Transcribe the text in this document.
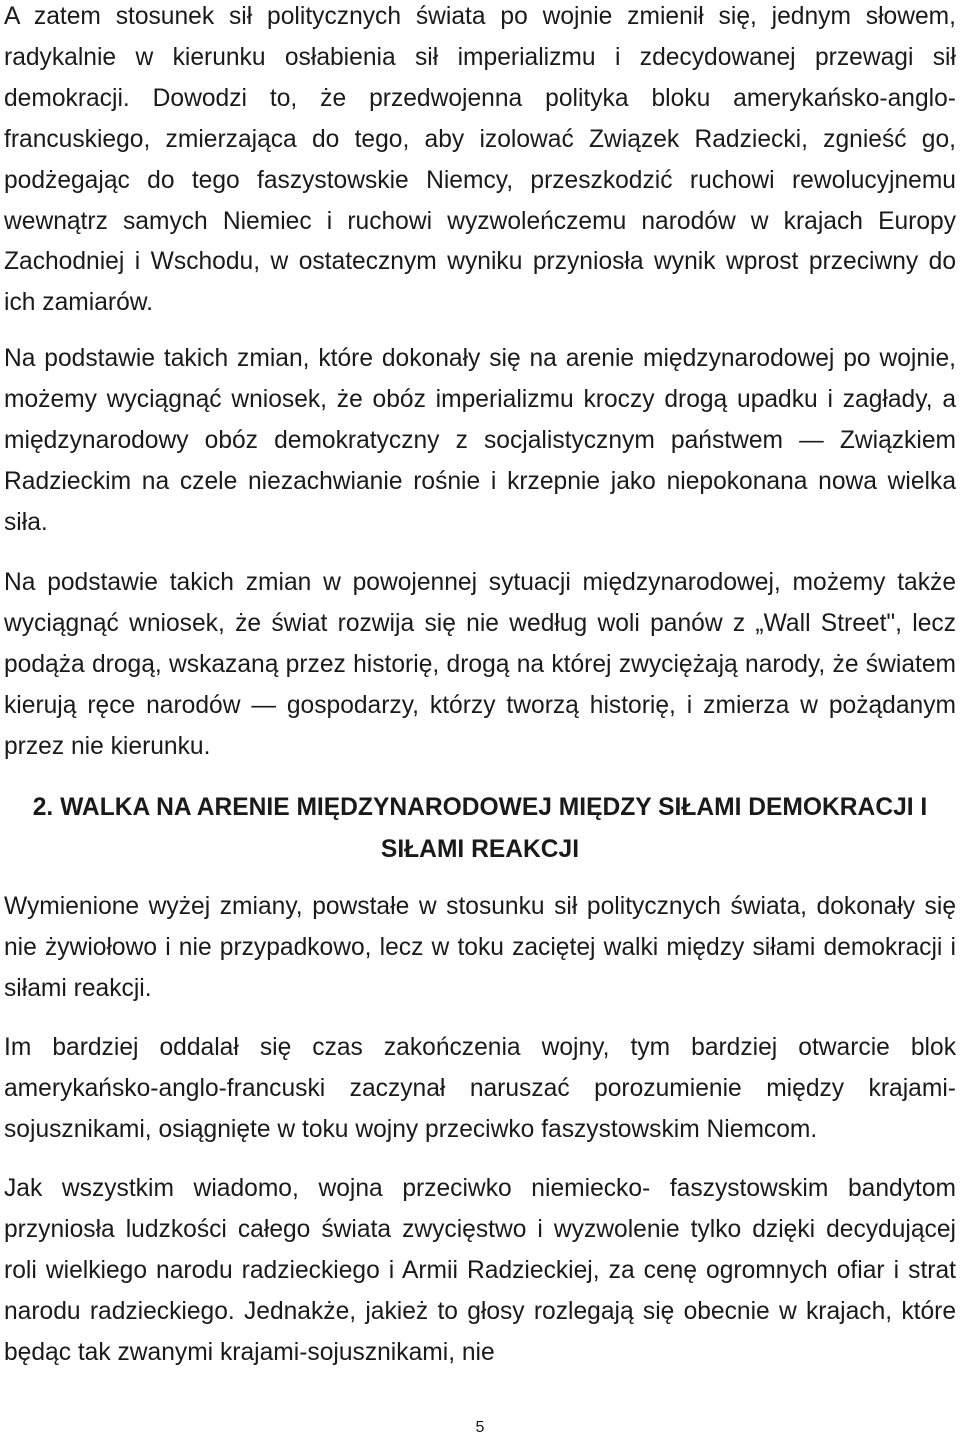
A zatem stosunek sił politycznych świata po wojnie zmienił się, jednym słowem, radykalnie w kierunku osłabienia sił imperializmu i zdecydowanej przewagi sił demokracji. Dowodzi to, że przedwojenna polityka bloku amerykańsko-anglo-francuskiego, zmierzająca do tego, aby izolować Związek Radziecki, zgnieść go, podżegając do tego faszystowskie Niemcy, przeszkodzić ruchowi rewolucyjnemu wewnątrz samych Niemiec i ruchowi wyzwoleńczemu narodów w krajach Europy Zachodniej i Wschodu, w ostatecznym wyniku przyniosła wynik wprost przeciwny do ich zamiarów.

Na podstawie takich zmian, które dokonały się na arenie międzynarodowej po wojnie, możemy wyciągnąć wniosek, że obóz imperializmu kroczy drogą upadku i zagłady, a międzynarodowy obóz demokratyczny z socjalistycznym państwem — Związkiem Radzieckim na czele niezachwianie rośnie i krzepnie jako niepokonana nowa wielka siła.

Na podstawie takich zmian w powojennej sytuacji międzynarodowej, możemy także wyciągnąć wniosek, że świat rozwija się nie według woli panów z „Wall Street", lecz podąża drogą, wskazaną przez historię, drogą na której zwyciężają narody, że światem kierują ręce narodów — gospodarzy, którzy tworzą historię, i zmierza w pożądanym przez nie kierunku.

2. WALKA NA ARENIE MIĘDZYNARODOWEJ MIĘDZY SIŁAMI DEMOKRACJI I SIŁAMI REAKCJI

Wymienione wyżej zmiany, powstałe w stosunku sił politycznych świata, dokonały się nie żywiołowo i nie przypadkowo, lecz w toku zaciętej walki między siłami demokracji i siłami reakcji.

Im bardziej oddalał się czas zakończenia wojny, tym bardziej otwarcie blok amerykańsko-anglo-francuski zaczynał naruszać porozumienie między krajami-sojusznikami, osiągnięte w toku wojny przeciwko faszystowskim Niemcom.

Jak wszystkim wiadomo, wojna przeciwko niemiecko- faszystowskim bandytom przyniosła ludzkości całego świata zwycięstwo i wyzwolenie tylko dzięki decydującej roli wielkiego narodu radzieckiego i Armii Radzieckiej, za cenę ogromnych ofiar i strat narodu radzieckiego. Jednakże, jakież to głosy rozlegają się obecnie w krajach, które będąc tak zwanymi krajami-sojusznikami, nie

5
